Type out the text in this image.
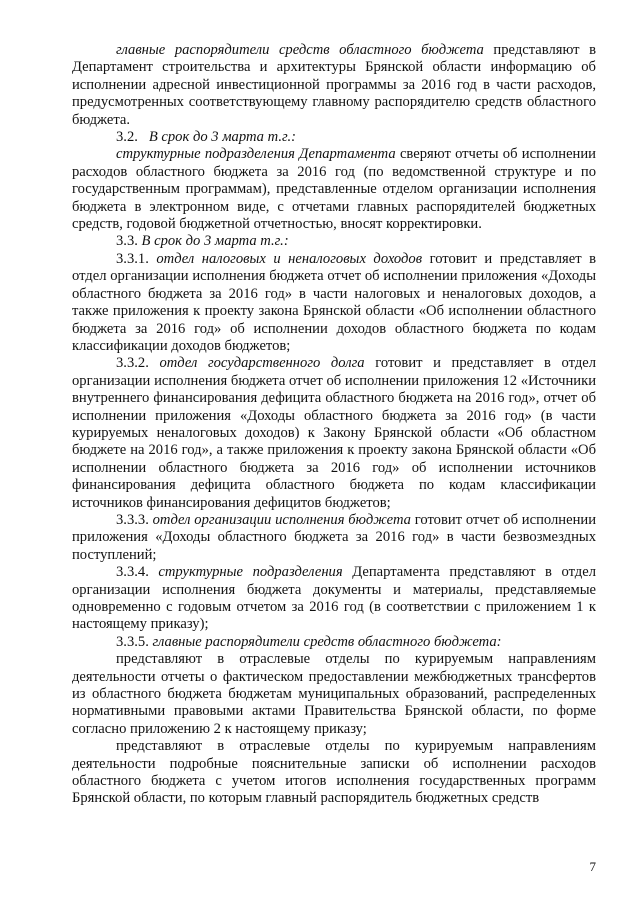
главные распорядители средств областного бюджета представляют в Департамент строительства и архитектуры Брянской области информацию об исполнении адресной инвестиционной программы за 2016 год в части расходов, предусмотренных соответствующему главному распорядителю средств областного бюджета.

3.2.   В срок до 3 марта т.г.:

структурные подразделения Департамента сверяют отчеты об исполнении расходов областного бюджета за 2016 год (по ведомственной структуре и по государственным программам), представленные отделом организации исполнения бюджета в электронном виде, с отчетами главных распорядителей бюджетных средств, годовой бюджетной отчетностью, вносят корректировки.

3.3. В срок до 3 марта т.г.:

3.3.1. отдел налоговых и неналоговых доходов готовит и представляет в отдел организации исполнения бюджета отчет об исполнении приложения «Доходы областного бюджета за 2016 год» в части налоговых и неналоговых доходов, а также приложения к проекту закона Брянской области «Об исполнении областного бюджета за 2016 год» об исполнении доходов областного бюджета по кодам классификации доходов бюджетов;

3.3.2. отдел государственного долга готовит и представляет в отдел организации исполнения бюджета отчет об исполнении приложения 12 «Источники внутреннего финансирования дефицита областного бюджета на 2016 год», отчет об исполнении приложения «Доходы областного бюджета за 2016 год» (в части курируемых неналоговых доходов) к Закону Брянской области «Об областном бюджете на 2016 год», а также приложения к проекту закона Брянской области «Об исполнении областного бюджета за 2016 год» об исполнении источников финансирования дефицита областного бюджета по кодам классификации источников финансирования дефицитов бюджетов;

3.3.3. отдел организации исполнения бюджета готовит отчет об исполнении приложения «Доходы областного бюджета за 2016 год» в части безвозмездных поступлений;

3.3.4. структурные подразделения Департамента представляют в отдел организации исполнения бюджета документы и материалы, представляемые одновременно с годовым отчетом за 2016 год (в соответствии с приложением 1 к настоящему приказу);

3.3.5. главные распорядители средств областного бюджета:

представляют в отраслевые отделы по курируемым направлениям деятельности отчеты о фактическом предоставлении межбюджетных трансфертов из областного бюджета бюджетам муниципальных образований, распределенных нормативными правовыми актами Правительства Брянской области, по форме согласно приложению 2 к настоящему приказу;

представляют в отраслевые отделы по курируемым направлениям деятельности подробные пояснительные записки об исполнении расходов областного бюджета с учетом итогов исполнения государственных программ Брянской области, по которым главный распорядитель бюджетных средств

7
